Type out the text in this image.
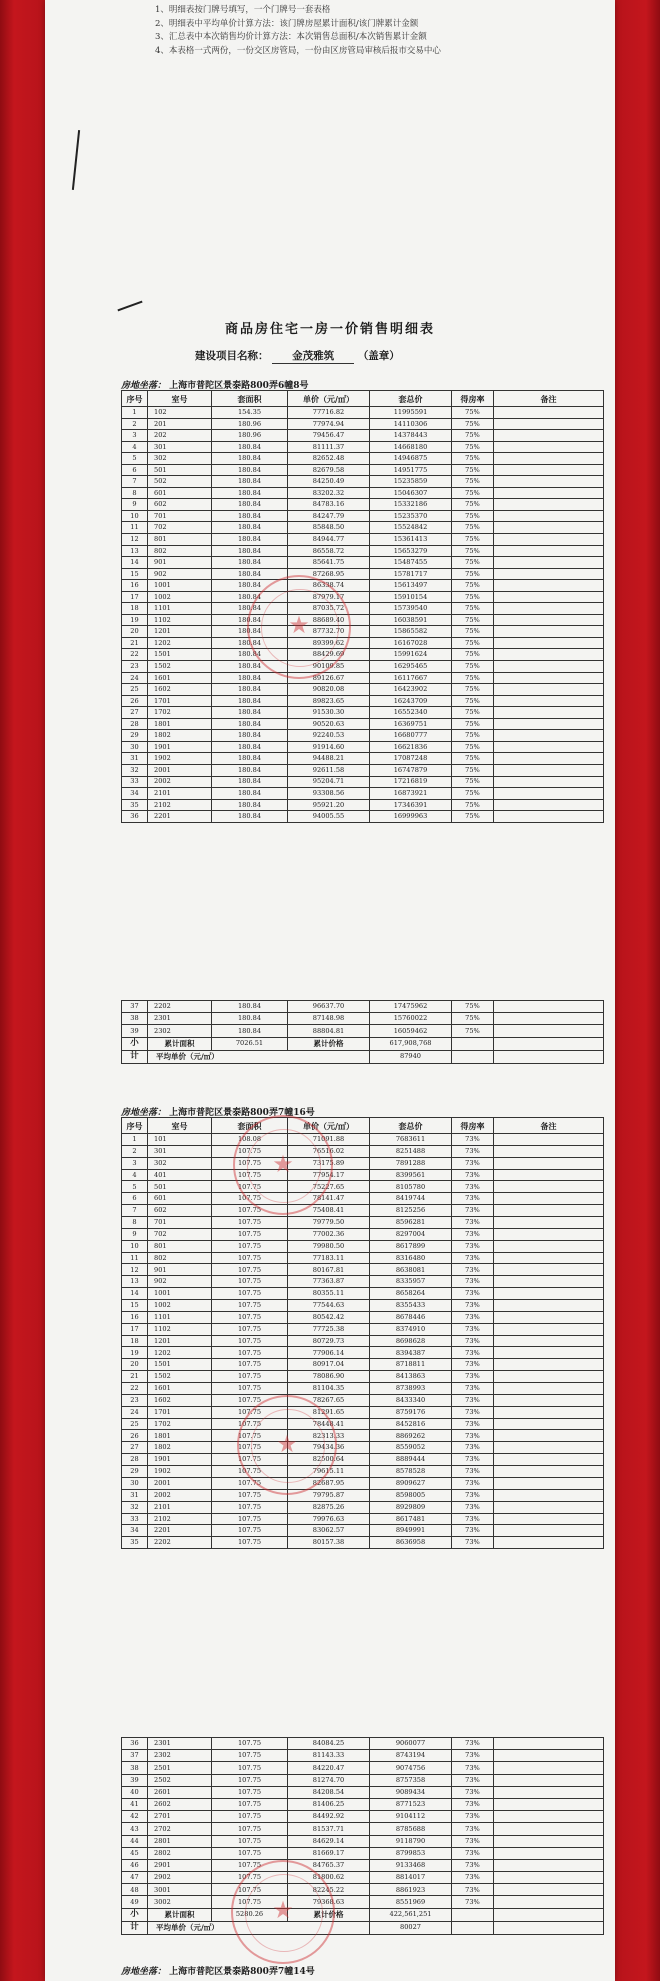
1、明细表按门牌号填写，一个门牌号一套表格
2、明细表中平均单价计算方法：该门牌房屋累计面积/该门牌累计金额
3、汇总表中本次销售均价计算方法：本次销售总面积/本次销售累计金额
4、本表格一式两份，一份交区房管局，一份由区房管局审核后报市交易中心
商品房住宅一房一价销售明细表
建设项目名称： 金茂雅筑 （盖章）
房地坐落： 上海市普陀区景泰路800弄6幢8号
序号	室号	套面积	单价（元/㎡）	套总价	得房率	备注
1	102	154.35	77716.82	11995591	75%	
2	201	180.96	77974.94	14110306	75%	
3	202	180.96	79456.47	14378443	75%	
4	301	180.84	81111.37	14668180	75%	
5	302	180.84	82652.48	14946875	75%	
6	501	180.84	82679.58	14951775	75%	
7	502	180.84	84250.49	15235859	75%	
8	601	180.84	83202.32	15046307	75%	
9	602	180.84	84783.16	15332186	75%	
10	701	180.84	84247.79	15235370	75%	
11	702	180.84	85848.50	15524842	75%	
12	801	180.84	84944.77	15361413	75%	
13	802	180.84	86558.72	15653279	75%	
14	901	180.84	85641.75	15487455	75%	
15	902	180.84	87268.95	15781717	75%	
16	1001	180.84	86338.74	15613497	75%	
17	1002	180.84	87979.17	15910154	75%	
18	1101	180.84	87035.72	15739540	75%	
19	1102	180.84	88689.40	16038591	75%	
20	1201	180.84	87732.70	15865582	75%	
21	1202	180.84	89399.62	16167028	75%	
22	1501	180.84	88429.69	15991624	75%	
23	1502	180.84	90109.85	16295465	75%	
24	1601	180.84	89126.67	16117667	75%	
25	1602	180.84	90820.08	16423902	75%	
26	1701	180.84	89823.65	16243709	75%	
27	1702	180.84	91530.30	16552340	75%	
28	1801	180.84	90520.63	16369751	75%	
29	1802	180.84	92240.53	16680777	75%	
30	1901	180.84	91914.60	16621836	75%	
31	1902	180.84	94488.21	17087248	75%	
32	2001	180.84	92611.58	16747879	75%	
33	2002	180.84	95204.71	17216819	75%	
34	2101	180.84	93308.56	16873921	75%	
35	2102	180.84	95921.20	17346391	75%	
36	2201	180.84	94005.55	16999963	75%	
37	2202	180.84	96637.70	17475962	75%	
38	2301	180.84	87148.98	15760022	75%	
39	2302	180.84	88804.81	16059462	75%	
小	累计面积	7026.51	累计价格	617,908,768		
计	平均单价（元/㎡）			87940		
房地坐落： 上海市普陀区景泰路800弄7幢16号
序号	室号	套面积	单价（元/㎡）	套总价	得房率	备注
1	101	108.08	71091.88	7683611	73%	
2	301	107.75	76516.02	8251488	73%	
3	302	107.75	73175.89	7891288	73%	
4	401	107.75	77954.17	8399561	73%	
5	501	107.75	75227.65	8105780	73%	
6	601	107.75	78141.47	8419744	73%	
7	602	107.75	75408.41	8125256	73%	
8	701	107.75	79779.50	8596281	73%	
9	702	107.75	77002.36	8297004	73%	
10	801	107.75	79980.50	8617899	73%	
11	802	107.75	77183.11	8316480	73%	
12	901	107.75	80167.81	8638081	73%	
13	902	107.75	77363.87	8335957	73%	
14	1001	107.75	80355.11	8658264	73%	
15	1002	107.75	77544.63	8355433	73%	
16	1101	107.75	80542.42	8678446	73%	
17	1102	107.75	77725.38	8374910	73%	
18	1201	107.75	80729.73	8698628	73%	
19	1202	107.75	77906.14	8394387	73%	
20	1501	107.75	80917.04	8718811	73%	
21	1502	107.75	78086.90	8413863	73%	
22	1601	107.75	81104.35	8738993	73%	
23	1602	107.75	78267.65	8433340	73%	
24	1701	107.75	81291.65	8759176	73%	
25	1702	107.75	78448.41	8452816	73%	
26	1801	107.75	82313.33	8869262	73%	
27	1802	107.75	79434.36	8559052	73%	
28	1901	107.75	82500.64	8889444	73%	
29	1902	107.75	79615.11	8578528	73%	
30	2001	107.75	82687.95	8909627	73%	
31	2002	107.75	79795.87	8598005	73%	
32	2101	107.75	82875.26	8929809	73%	
33	2102	107.75	79976.63	8617481	73%	
34	2201	107.75	83062.57	8949991	73%	
35	2202	107.75	80157.38	8636958	73%	
36	2301	107.75	84084.25	9060077	73%	
37	2302	107.75	81143.33	8743194	73%	
38	2501	107.75	84220.47	9074756	73%	
39	2502	107.75	81274.70	8757358	73%	
40	2601	107.75	84208.54	9089434	73%	
41	2602	107.75	81406.25	8771523	73%	
42	2701	107.75	84492.92	9104112	73%	
43	2702	107.75	81537.71	8785688	73%	
44	2801	107.75	84629.14	9118790	73%	
45	2802	107.75	81669.17	8799853	73%	
46	2901	107.75	84765.37	9133468	73%	
47	2902	107.75	81800.62	8814017	73%	
48	3001	107.75	82245.22	8861923	73%	
49	3002	107.75	79368.63	8551969	73%	
小	累计面积	5280.26	累计价格	422,561,251		
计	平均单价（元/㎡）			80027		
房地坐落： 上海市普陀区景泰路800弄7幢14号
★
★
★
★
